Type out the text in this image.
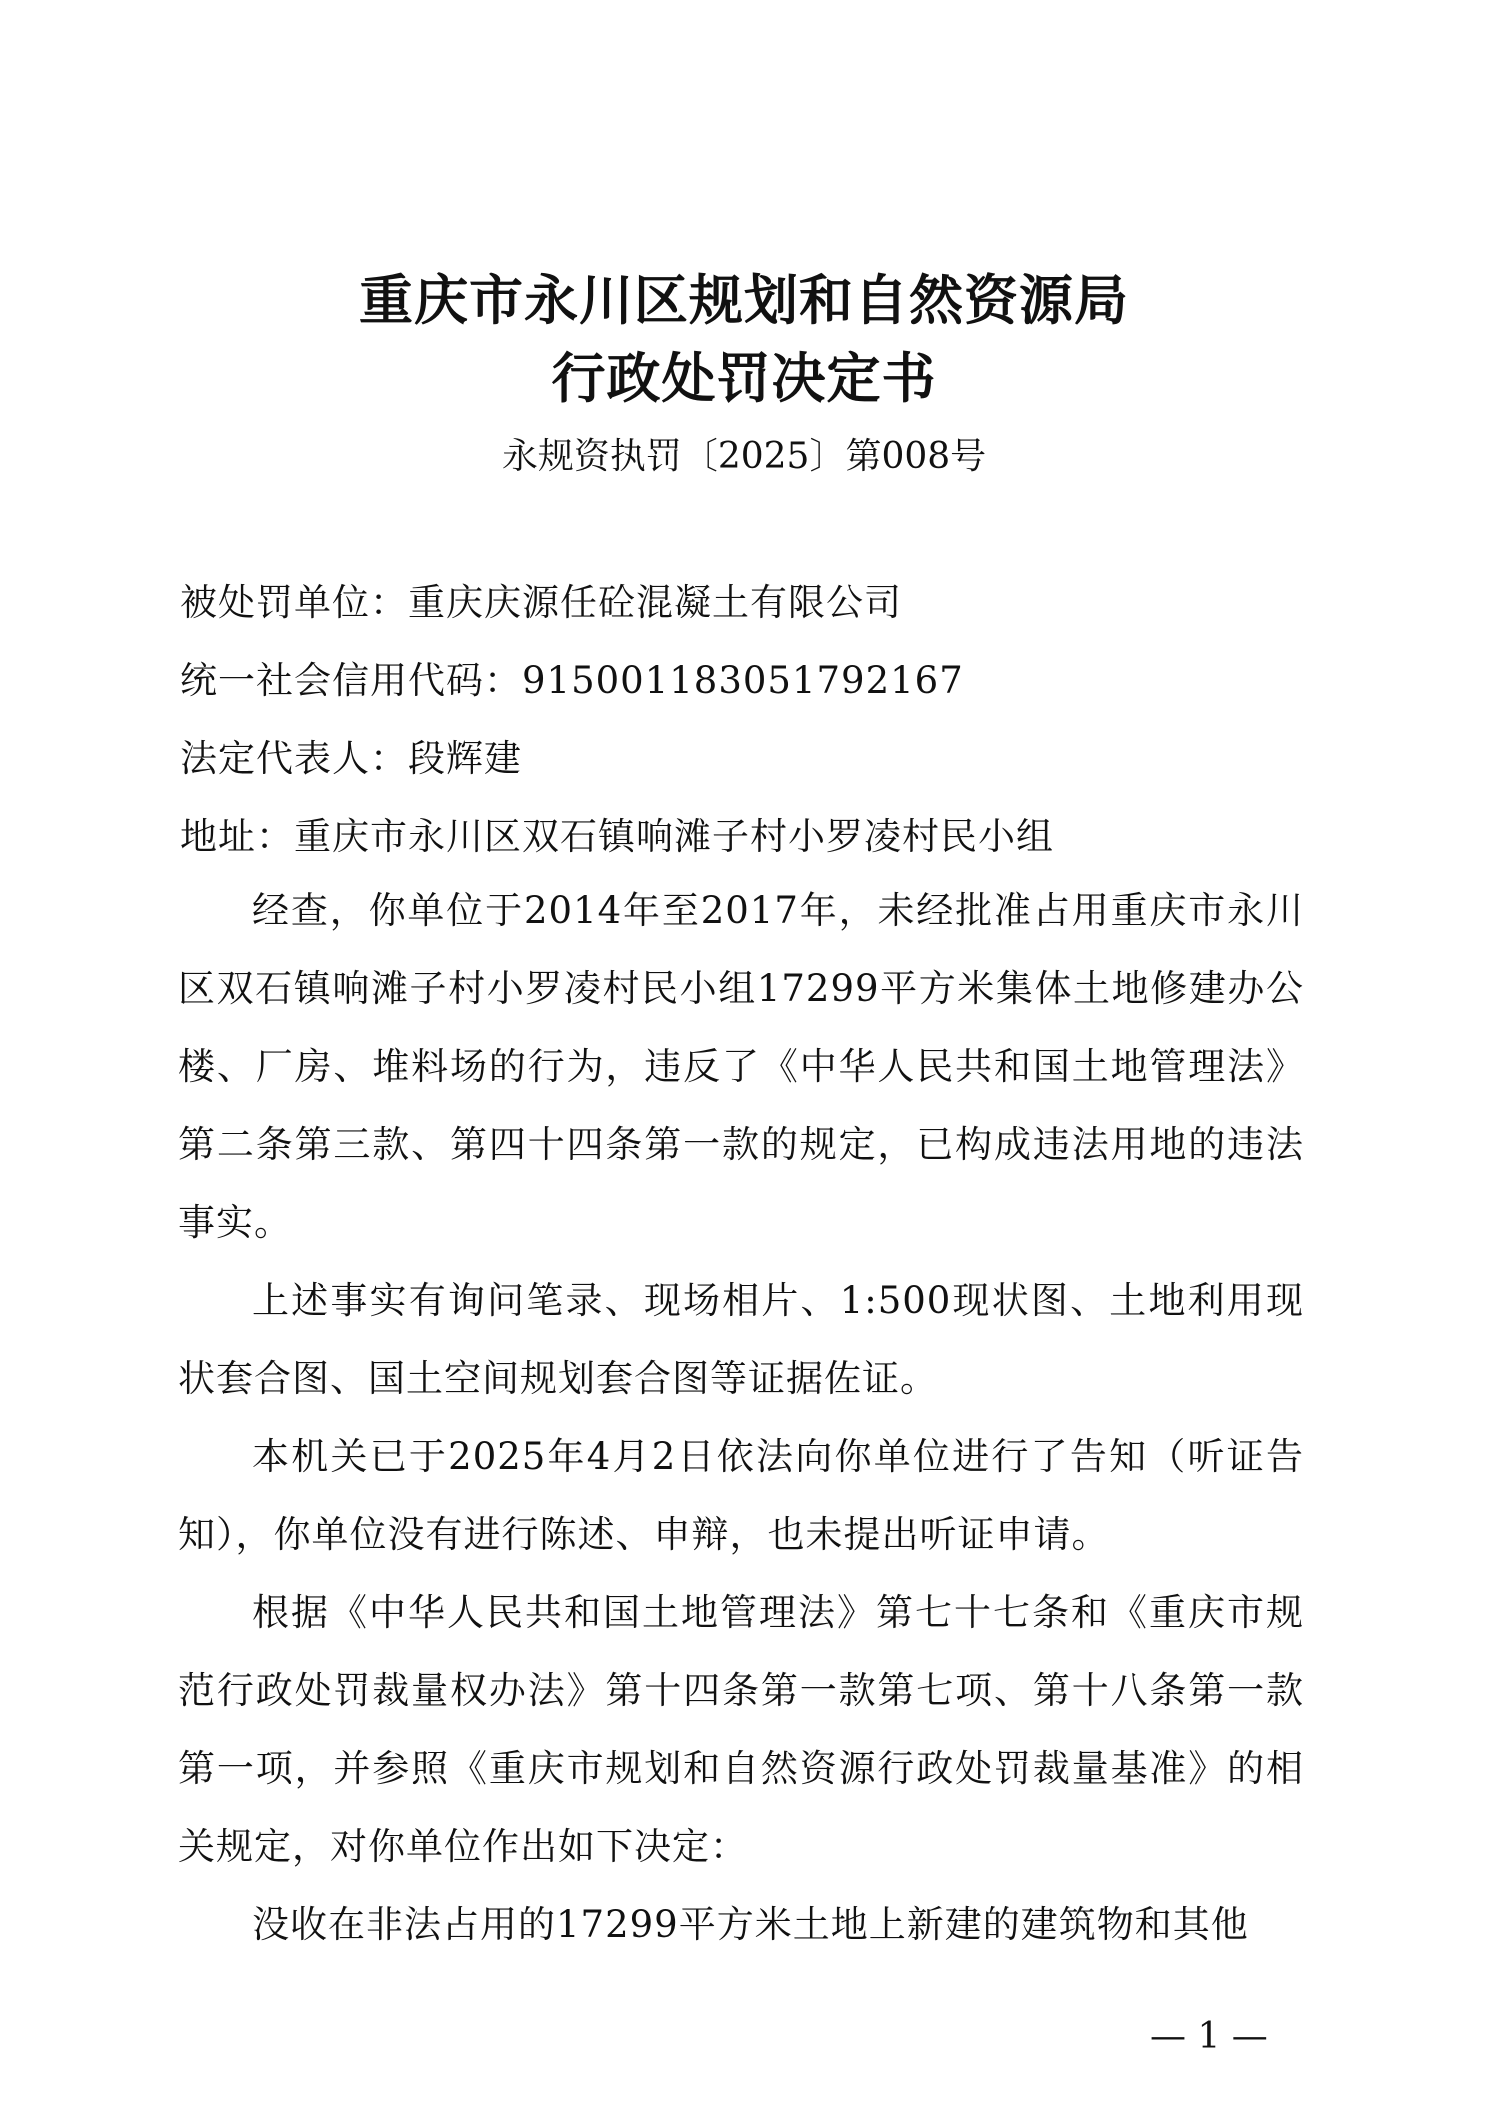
重庆市永川区规划和自然资源局
行政处罚决定书
永规资执罚〔2025〕第008号
被处罚单位：重庆庆源任砼混凝土有限公司
统一社会信用代码：915001183051792167
法定代表人：段辉建
地址：重庆市永川区双石镇响滩子村小罗凌村民小组

经查，你单位于2014年至2017年，未经批准占用重庆市永川区双石镇响滩子村小罗凌村民小组17299平方米集体土地修建办公楼、厂房、堆料场的行为，违反了《中华人民共和国土地管理法》第二条第三款、第四十四条第一款的规定，已构成违法用地的违法事实。

上述事实有询问笔录、现场相片、1:500现状图、土地利用现状套合图、国土空间规划套合图等证据佐证。

本机关已于2025年4月2日依法向你单位进行了告知（听证告知），你单位没有进行陈述、申辩，也未提出听证申请。

根据《中华人民共和国土地管理法》第七十七条和《重庆市规范行政处罚裁量权办法》第十四条第一款第七项、第十八条第一款第一项，并参照《重庆市规划和自然资源行政处罚裁量基准》的相关规定，对你单位作出如下决定：

没收在非法占用的17299平方米土地上新建的建筑物和其他

— 1 —
